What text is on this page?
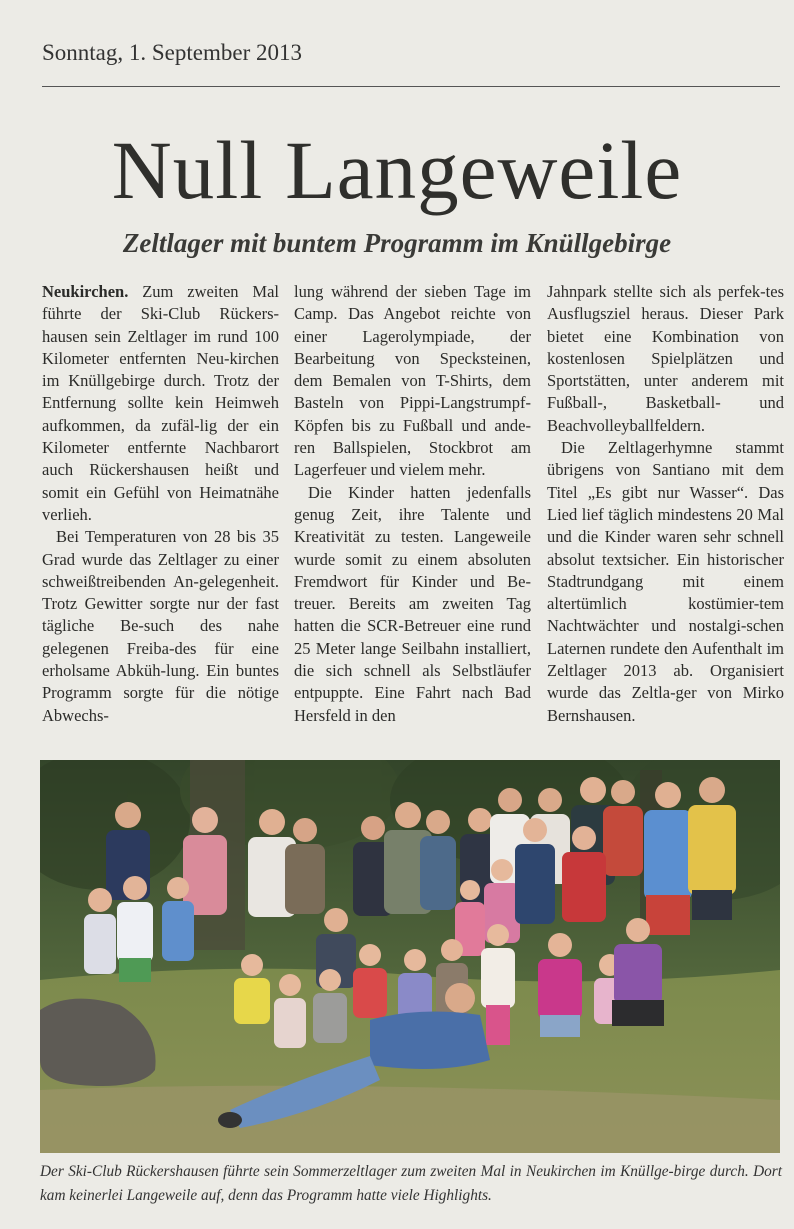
Sonntag, 1. September 2013
Null Langeweile
Zeltlager mit buntem Programm im Knüllgebirge

Neukirchen. Zum zweiten Mal führte der Ski-Club Rückers-hausen sein Zeltlager im rund 100 Kilometer entfernten Neu-kirchen im Knüllgebirge durch. Trotz der Entfernung sollte kein Heimweh aufkommen, da zufäl-lig der ein Kilometer entfernte Nachbarort auch Rückershausen heißt und somit ein Gefühl von Heimatnähe verlieh.

Bei Temperaturen von 28 bis 35 Grad wurde das Zeltlager zu einer schweißtreibenden An-gelegenheit. Trotz Gewitter sorgte nur der fast tägliche Be-such des nahe gelegenen Freiba-des für eine erholsame Abküh-lung. Ein buntes Programm sorgte für die nötige Abwechs-

lung während der sieben Tage im Camp. Das Angebot reichte von einer Lagerolympiade, der Bearbeitung von Specksteinen, dem Bemalen von T-Shirts, dem Basteln von Pippi-Langstrumpf-Köpfen bis zu Fußball und ande-ren Ballspielen, Stockbrot am Lagerfeuer und vielem mehr.

Die Kinder hatten jedenfalls genug Zeit, ihre Talente und Kreativität zu testen. Langeweile wurde somit zu einem absoluten Fremdwort für Kinder und Be-treuer. Bereits am zweiten Tag hatten die SCR-Betreuer eine rund 25 Meter lange Seilbahn installiert, die sich schnell als Selbstläufer entpuppte. Eine Fahrt nach Bad Hersfeld in den

Jahnpark stellte sich als perfek-tes Ausflugsziel heraus. Dieser Park bietet eine Kombination von kostenlosen Spielplätzen und Sportstätten, unter anderem mit Fußball-, Basketball- und Beachvolleyballfeldern.

Die Zeltlagerhymne stammt übrigens von Santiano mit dem Titel „Es gibt nur Wasser“. Das Lied lief täglich mindestens 20 Mal und die Kinder waren sehr schnell absolut textsicher. Ein historischer Stadtrundgang mit einem altertümlich kostümier-tem Nachtwächter und nostalgi-schen Laternen rundete den Aufenthalt im Zeltlager 2013 ab. Organisiert wurde das Zeltla-ger von Mirko Bernshausen.

Der Ski-Club Rückershausen führte sein Sommerzeltlager zum zweiten Mal in Neukirchen im Knüllge-birge durch. Dort kam keinerlei Langeweile auf, denn das Programm hatte viele Highlights.
